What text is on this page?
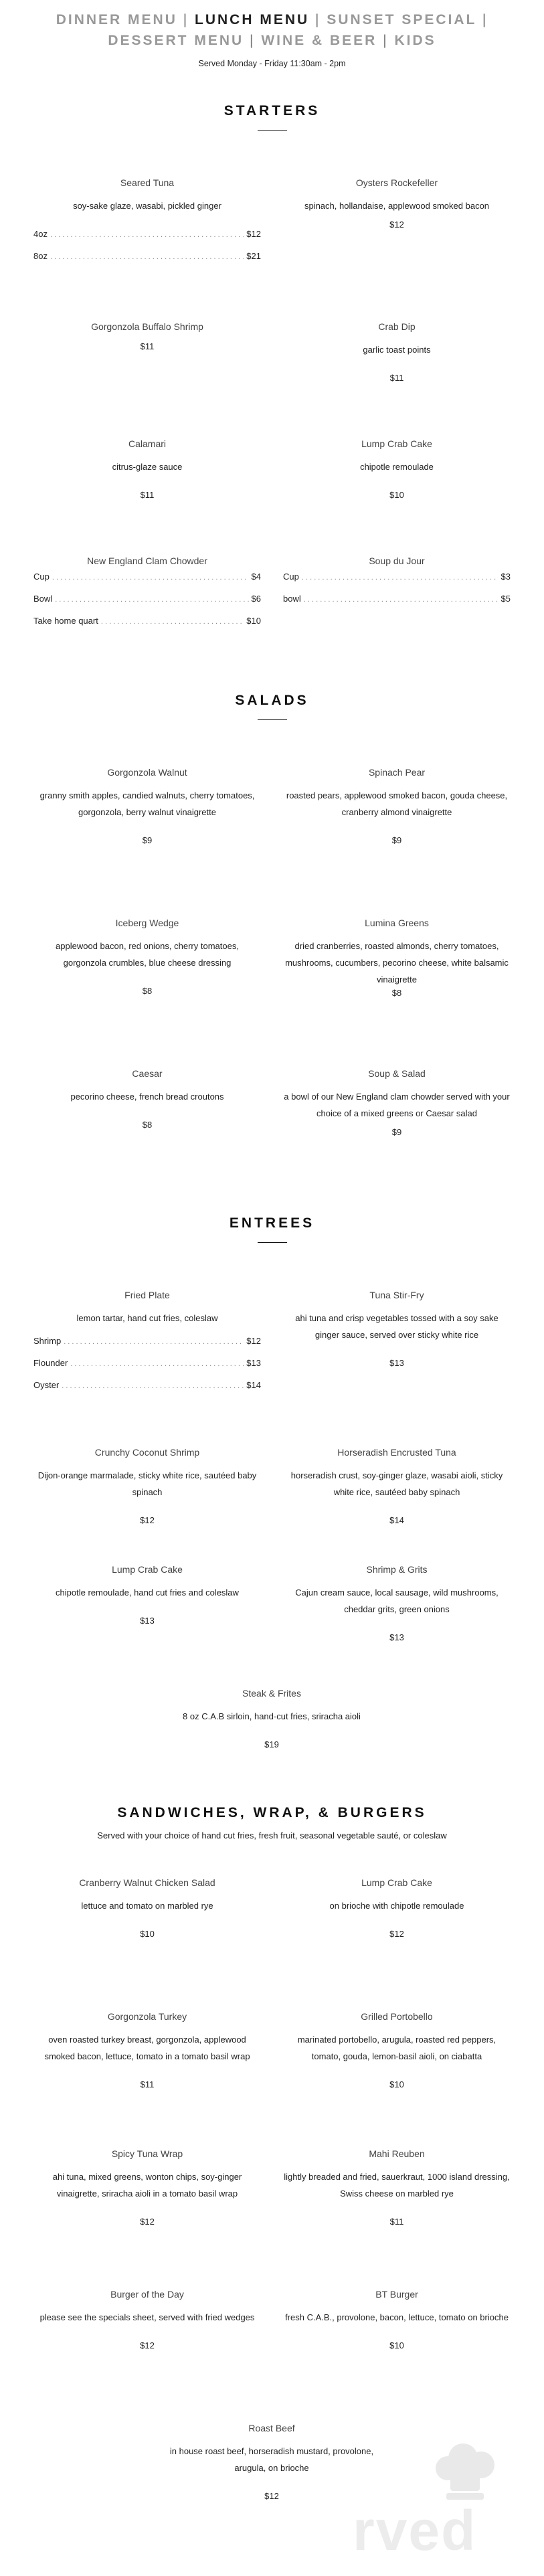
DINNER MENU | LUNCH MENU | SUNSET SPECIAL |
DESSERT MENU | WINE & BEER | KIDS
Served Monday - Friday 11:30am - 2pm
STARTERS
Seared Tuna
soy-sake glaze, wasabi, pickled ginger
4oz . . .	$12
8oz . . .	$21
Oysters Rockefeller
spinach, hollandaise, applewood smoked bacon
$12
Gorgonzola Buffalo Shrimp
$11
Crab Dip
garlic toast points
$11
Calamari
citrus-glaze sauce
$11
Lump Crab Cake
chipotle remoulade
$10
New England Clam Chowder
Cup . . .	$4
Bowl . . .	$6
Take home quart . . .	$10
Soup du Jour
Cup . . .	$3
bowl . . .	$5
SALADS
Gorgonzola Walnut
granny smith apples, candied walnuts, cherry tomatoes, gorgonzola, berry walnut vinaigrette
$9
Spinach Pear
roasted pears, applewood smoked bacon, gouda cheese, cranberry almond vinaigrette
$9
Iceberg Wedge
applewood bacon, red onions, cherry tomatoes, gorgonzola crumbles, blue cheese dressing
$8
Lumina Greens
dried cranberries, roasted almonds, cherry tomatoes, mushrooms, cucumbers, pecorino cheese, white balsamic vinaigrette
$8
Caesar
pecorino cheese, french bread croutons
$8
Soup & Salad
a bowl of our New England clam chowder served with your choice of a mixed greens or Caesar salad
$9
ENTREES
Fried Plate
lemon tartar, hand cut fries, coleslaw
Shrimp . . .	$12
Flounder . . .	$13
Oyster . . .	$14
Tuna Stir-Fry
ahi tuna and crisp vegetables tossed with a soy sake ginger sauce, served over sticky white rice
$13
Crunchy Coconut Shrimp
Dijon-orange marmalade, sticky white rice, sautéed baby spinach
$12
Horseradish Encrusted Tuna
horseradish crust, soy-ginger glaze, wasabi aioli, sticky white rice, sautéed baby spinach
$14
Lump Crab Cake
chipotle remoulade, hand cut fries and coleslaw
$13
Shrimp & Grits
Cajun cream sauce, local sausage, wild mushrooms, cheddar grits, green onions
$13
Steak & Frites
8 oz C.A.B sirloin, hand-cut fries, sriracha aioli
$19
SANDWICHES, WRAP, & BURGERS
Served with your choice of hand cut fries, fresh fruit, seasonal vegetable sauté, or coleslaw
Cranberry Walnut Chicken Salad
lettuce and tomato on marbled rye
$10
Lump Crab Cake
on brioche with chipotle remoulade
$12
Gorgonzola Turkey
oven roasted turkey breast, gorgonzola, applewood smoked bacon, lettuce, tomato in a tomato basil wrap
$11
Grilled Portobello
marinated portobello, arugula, roasted red peppers, tomato, gouda, lemon-basil aioli, on ciabatta
$10
Spicy Tuna Wrap
ahi tuna, mixed greens, wonton chips, soy-ginger vinaigrette, sriracha aioli in a tomato basil wrap
$12
Mahi Reuben
lightly breaded and fried, sauerkraut, 1000 island dressing, Swiss cheese on marbled rye
$11
Burger of the Day
please see the specials sheet, served with fried wedges
$12
BT Burger
fresh C.A.B., provolone, bacon, lettuce, tomato on brioche
$10
Roast Beef
in house roast beef, horseradish mustard, provolone, arugula, on brioche
$12
rved
